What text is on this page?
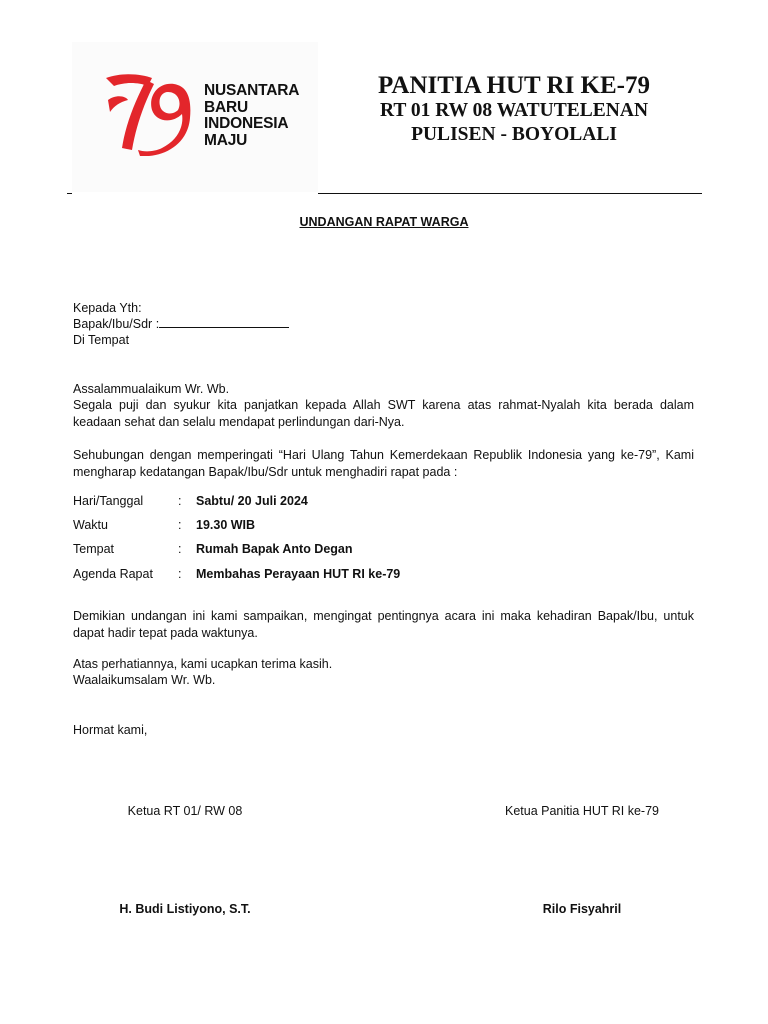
NUSANTARA
BARU
INDONESIA
MAJU
PANITIA HUT RI KE-79
RT 01 RW 08 WATUTELENAN
PULISEN - BOYOLALI
UNDANGAN RAPAT WARGA
Kepada Yth:
Bapak/Ibu/Sdr :
Di Tempat
Assalammualaikum Wr. Wb.
Segala puji dan syukur kita panjatkan kepada Allah SWT karena atas rahmat-Nyalah kita berada dalam keadaan sehat dan selalu mendapat perlindungan dari-Nya.
Sehubungan dengan memperingati “Hari Ulang Tahun Kemerdekaan Republik Indonesia yang ke-79”, Kami mengharap kedatangan Bapak/Ibu/Sdr untuk menghadiri rapat pada :
Hari/Tanggal	: Sabtu/ 20 Juli 2024
Waktu	: 19.30 WIB
Tempat	: Rumah Bapak Anto Degan
Agenda Rapat : Membahas Perayaan HUT RI ke-79
Demikian undangan ini kami sampaikan, mengingat pentingnya acara ini maka kehadiran Bapak/Ibu, untuk dapat hadir tepat pada waktunya.
Atas perhatiannya, kami ucapkan terima kasih.
Waalaikumsalam Wr. Wb.
Hormat kami,
Ketua RT 01/ RW 08	Ketua Panitia HUT RI ke-79
H. Budi Listiyono, S.T.	Rilo Fisyahril
